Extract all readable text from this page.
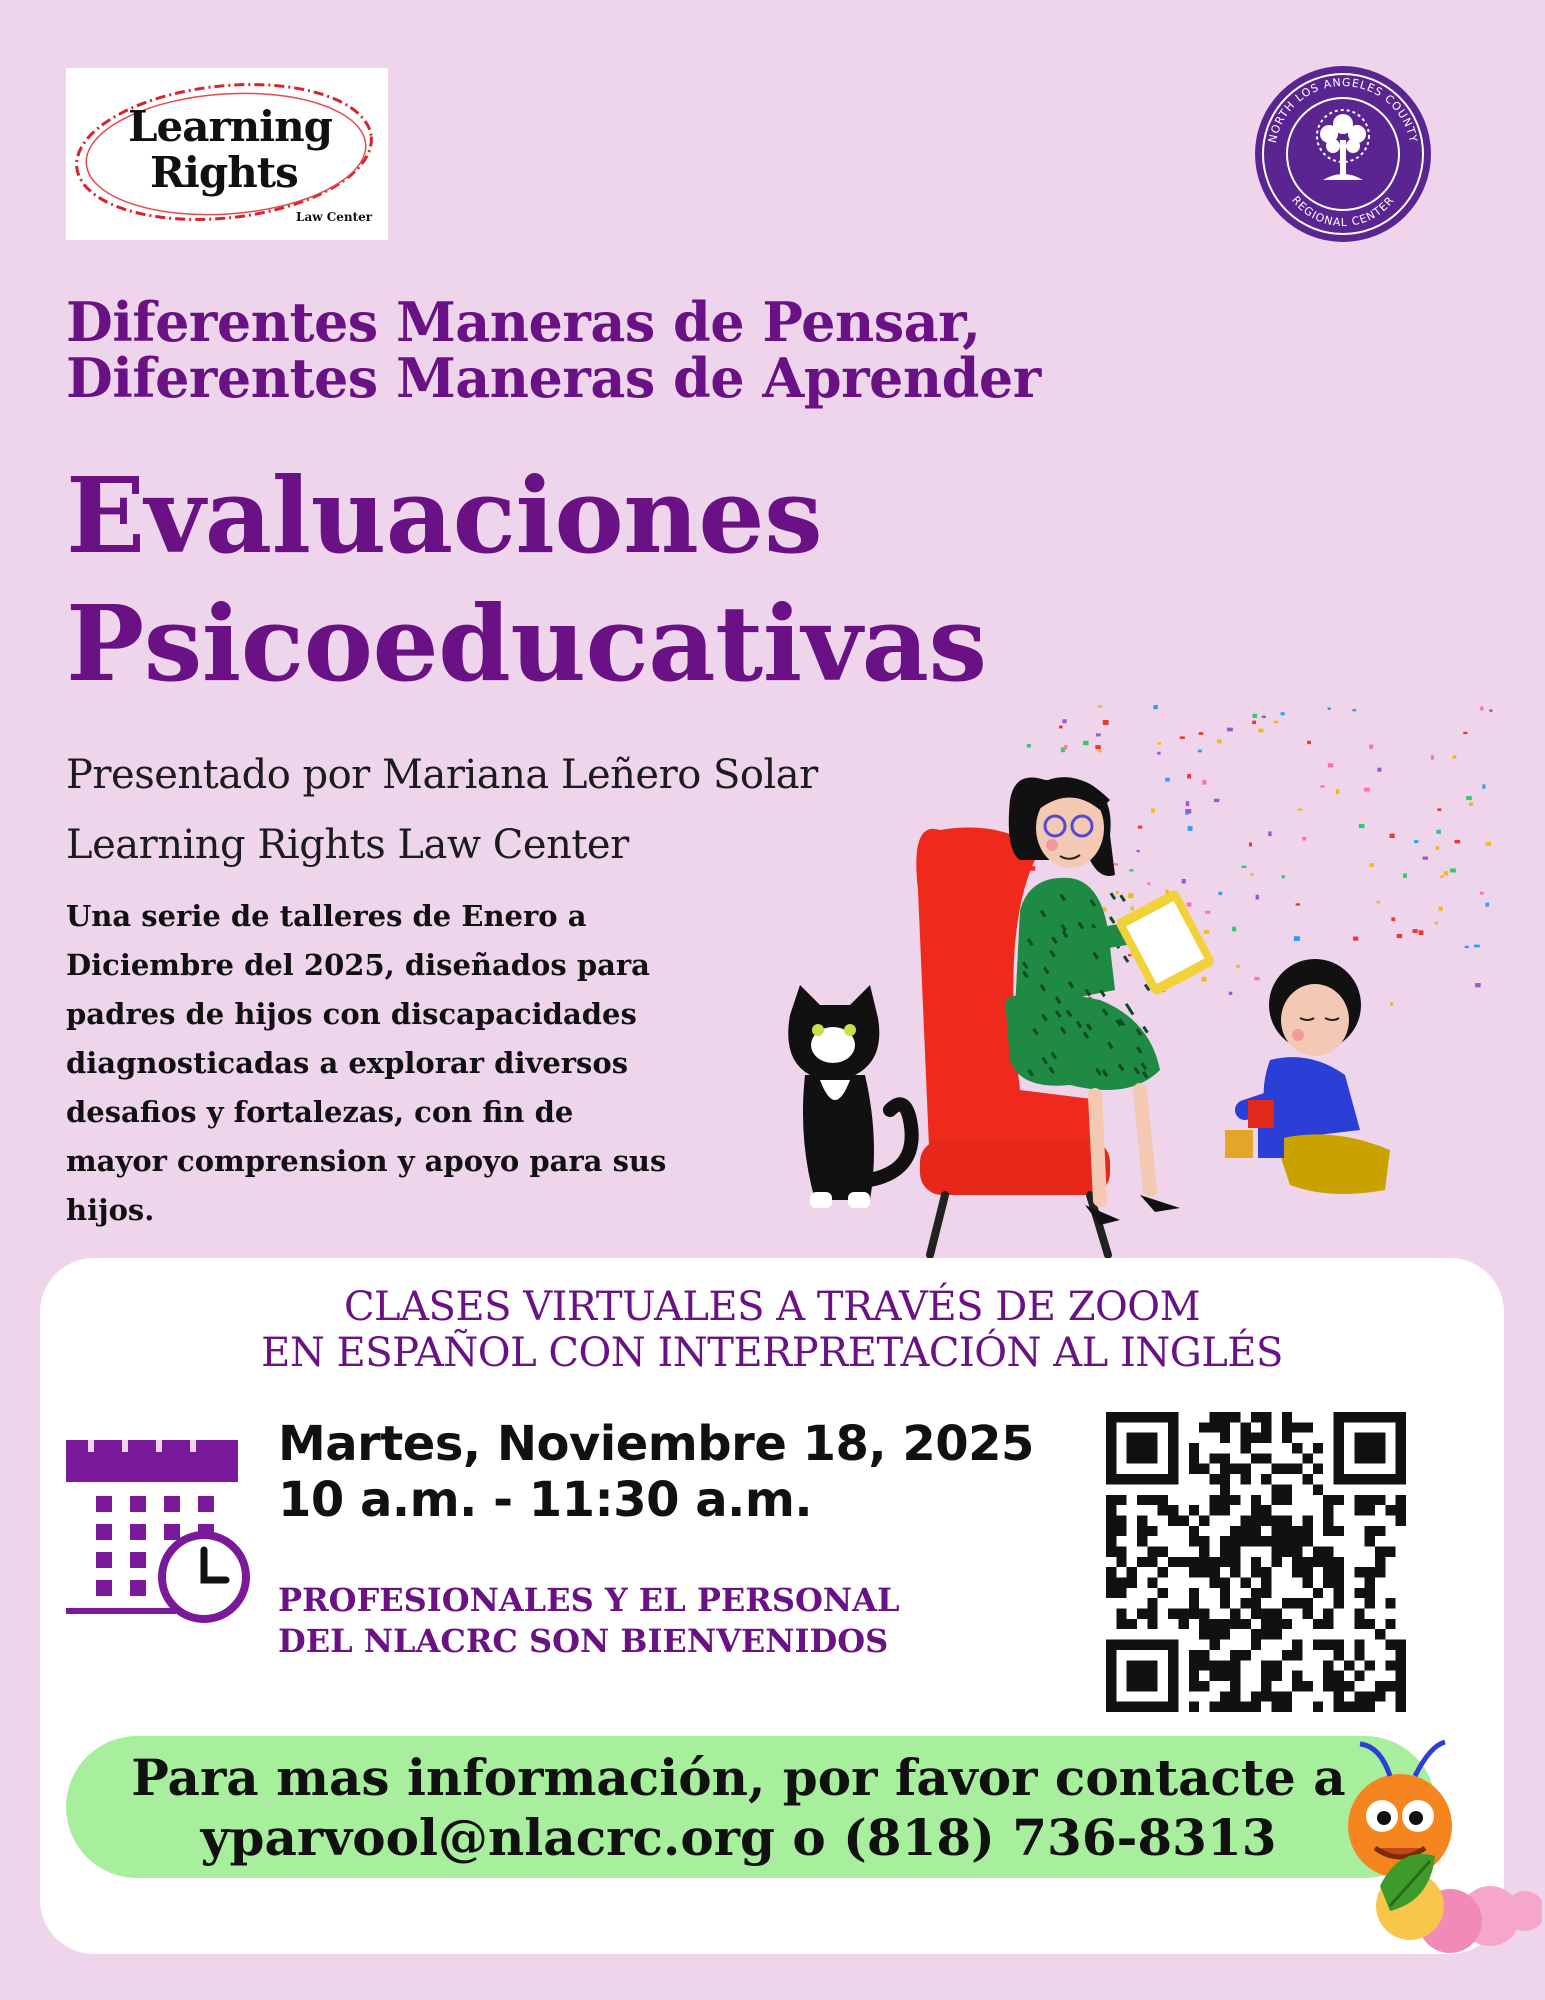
Learning
Rights
Law Center
NORTH LOS ANGELES COUNTY
REGIONAL CENTER
Diferentes Maneras de Pensar,
Diferentes Maneras de Aprender
Evaluaciones
Psicoeducativas
Presentado por Mariana Leñero Solar
Learning Rights Law Center
Una serie de talleres de Enero a
Diciembre del 2025, diseñados para
padres de hijos con discapacidades
diagnosticadas a explorar diversos
desafios y fortalezas, con fin de
mayor comprension y apoyo para sus
hijos.
CLASES VIRTUALES A TRAVÉS DE ZOOM
EN ESPAÑOL CON INTERPRETACIÓN AL INGLÉS
Martes, Noviembre 18, 2025
10 a.m. - 11:30 a.m.
PROFESIONALES Y EL PERSONAL
DEL NLACRC SON BIENVENIDOS
Para mas información, por favor contacte a
yparvool@nlacrc.org o (818) 736-8313
